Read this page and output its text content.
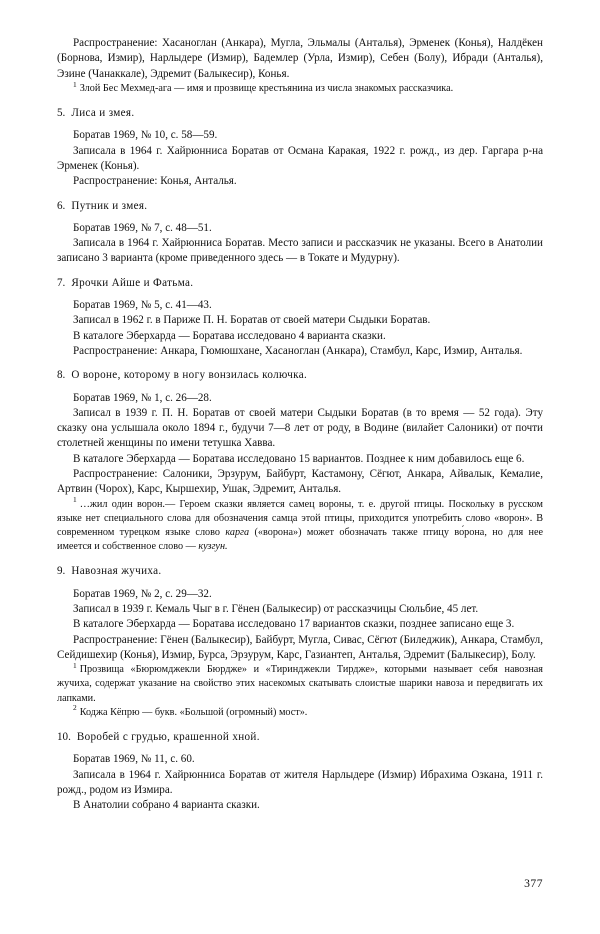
Распространение: Хасаноглан (Анкара), Мугла, Эльмалы (Анталья), Эрменек (Конья), Налдёкен (Борнова, Измир), Нарлыдере (Измир), Бадемлер (Урла, Измир), Себен (Болу), Ибради (Анталья), Эзине (Чанаккале), Эдремит (Балыкесир), Конья.

$^1$ Злой Бес Мехмед-ага — имя и прозвище крестьянина из числа знакомых рассказчика.

5. Лиса и змея.

Боратав 1969, № 10, с. 58—59.

Записала в 1964 г. Хайрюнниса Боратав от Османа Каракая, 1922 г. рожд., из дер. Гаргара р-на Эрменек (Конья).

Распространение: Конья, Анталья.

6. Путник и змея.

Боратав 1969, № 7, с. 48—51.

Записала в 1964 г. Хайрюнниса Боратав. Место записи и рассказчик не указаны. Всего в Анатолии записано 3 варианта (кроме приведенного здесь — в Токате и Мудурну).

7. Ярочки Айше и Фатьма.

Боратав 1969, № 5, с. 41—43.

Записал в 1962 г. в Париже П. Н. Боратав от своей матери Сыдыки Боратав.

В каталоге Эберхарда — Боратава исследовано 4 варианта сказки.

Распространение: Анкара, Гюмюшхане, Хасаноглан (Анкара), Стамбул, Карс, Измир, Анталья.

8. О вороне, которому в ногу вонзилась колючка.

Боратав 1969, № 1, с. 26—28.

Записал в 1939 г. П. Н. Боратав от своей матери Сыдыки Боратав (в то время — 52 года). Эту сказку она услышала около 1894 г., будучи 7—8 лет от роду, в Водине (вилайет Салоники) от почти столетней женщины по имени тетушка Хавва.

В каталоге Эберхарда — Боратава исследовано 15 вариантов. Позднее к ним добавилось еще 6.

Распространение: Салоники, Эрзурум, Байбурт, Кастамону, Сёгют, Анкара, Айвалык, Кемалие, Артвин (Чорох), Карс, Кыршехир, Ушак, Эдремит, Анталья.

$^1$ …жил один ворон.— Героем сказки является самец вороны, т. е. другой птицы. Поскольку в русском языке нет специального слова для обозначения самца этой птицы, приходится употребить слово «ворон». В современном турецком языке слово карга («ворона») может обозначать также птицу во́рона, но для нее имеется и собственное слово — кузгун.

9. Навозная жучиха.

Боратав 1969, № 2, с. 29—32.

Записал в 1939 г. Кемаль Чыг в г. Гёнен (Балыкесир) от рассказчицы Сюльбие, 45 лет.

В каталоге Эберхарда — Боратава исследовано 17 вариантов сказки, позднее записано еще 3.

Распространение: Гёнен (Балыкесир), Байбурт, Мугла, Сивас, Сёгют (Биледжик), Анкара, Стамбул, Сейдишехир (Конья), Измир, Бурса, Эрзурум, Карс, Газиантеп, Анталья, Эдремит (Балыкесир), Болу.

$^1$ Прозвища «Бюрюмджекли Бюрдже» и «Тиринджекли Тирдже», которыми называет себя навозная жучиха, содержат указание на свойство этих насекомых скатывать слоистые шарики навоза и передвигать их лапками.

$^2$ Коджа Кёпрю — букв. «Большой (огромный) мост».

10. Воробей с грудью, крашенной хной.

Боратав 1969, № 11, с. 60.

Записала в 1964 г. Хайрюнниса Боратав от жителя Нарлыдере (Измир) Ибрахима Озкана, 1911 г. рожд., родом из Измира.

В Анатолии собрано 4 варианта сказки.

377
